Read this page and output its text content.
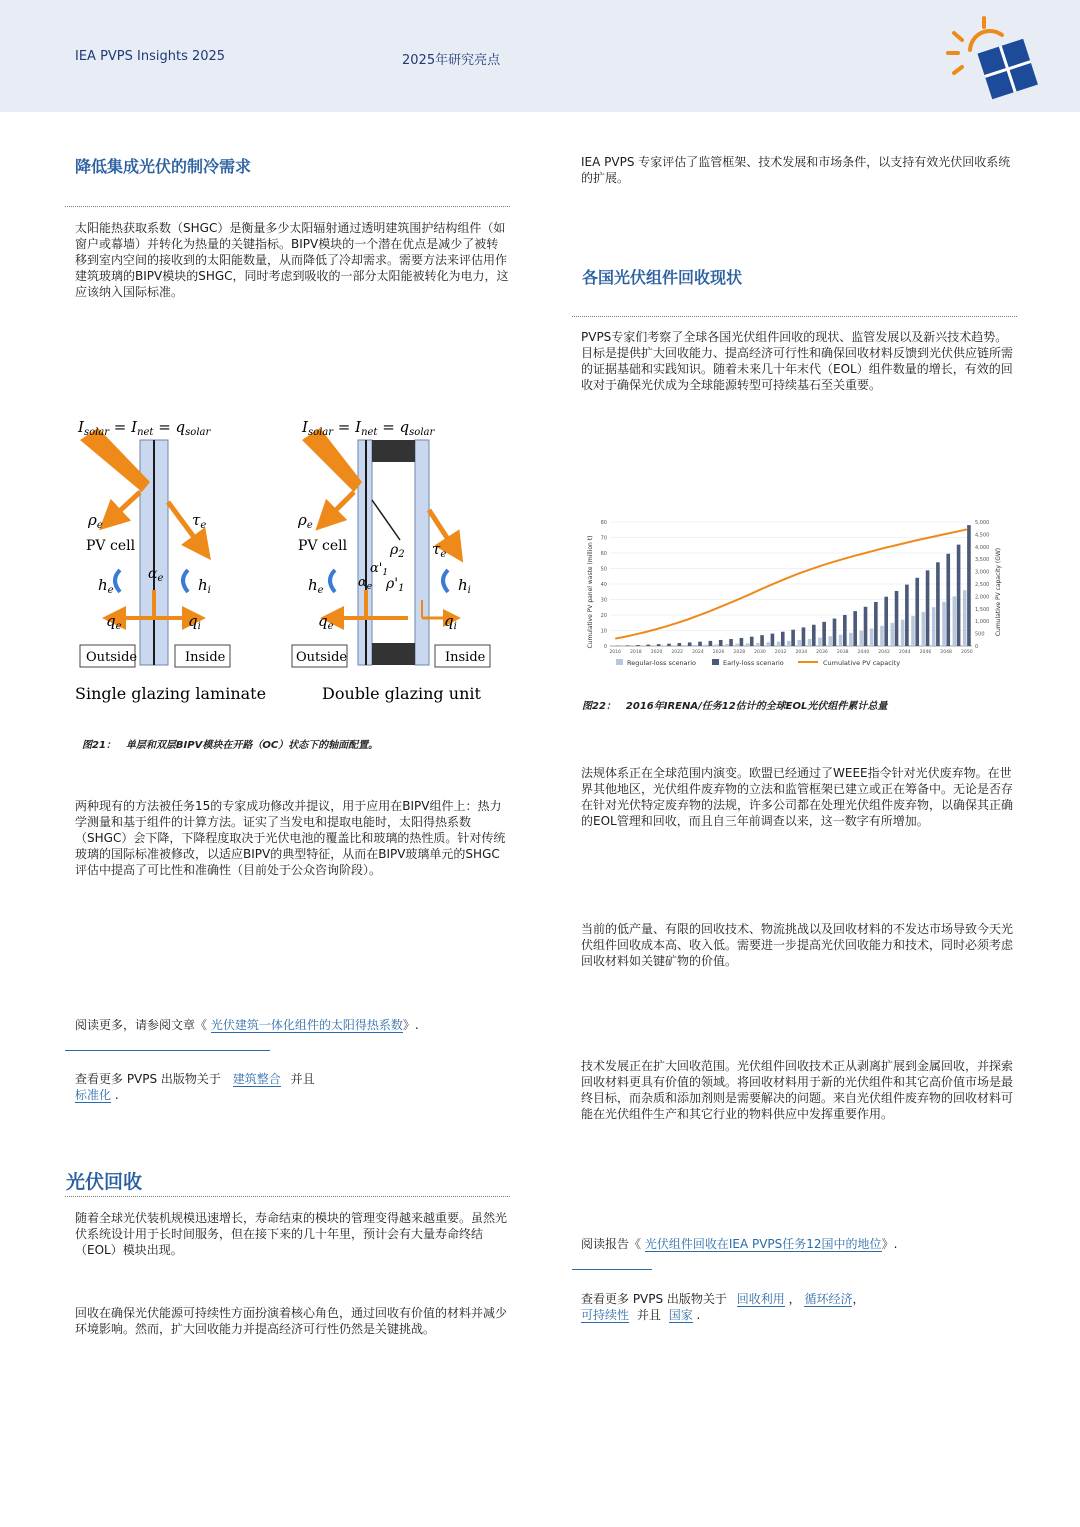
IEA PVPS Insights 2025	2025年研究亮点
降低集成光伏的制冷需求

太阳能热获取系数（SHGC）是衡量多少太阳辐射通过透明建筑围护结构组件（如窗户或幕墙）并转化为热量的关键指标。BIPV模块的一个潜在优点是减少了被转移到室内空间的接收到的太阳能数量，从而降低了冷却需求。需要方法来评估用作建筑玻璃的BIPV模块的SHGC，同时考虑到吸收的一部分太阳能被转化为电力，这应该纳入国际标准。

Outside	Inside
PV cell
$I_{solar} = I_{net} = q_{solar}$
$\rho_e$	$\tau_e$
$h_e$	$h_i$
$\alpha_e$
$q_e$	$q_i$
Single glazing laminate
Outside	Inside
PV cell
$I_{solar} = I_{net} = q_{solar}$
$\rho_e$
$\tau_e$
$\rho_2$
$\rho'_1$
$\alpha'_1$
$\alpha_e$
$h_e$	$h_i$
$q_e$	$q_i$
Double glazing unit
图21：　单层和双层BIPV模块在开路（OC）状态下的轴面配置。

两种现有的方法被任务15的专家成功修改并提议，用于应用在BIPV组件上：热力学测量和基于组件的计算方法。证实了当发电和提取电能时，太阳得热系数（SHGC）会下降，下降程度取决于光伏电池的覆盖比和玻璃的热性质。针对传统玻璃的国际标准被修改，以适应BIPV的典型特征，从而在BIPV玻璃单元的SHGC评估中提高了可比性和准确性（目前处于公众咨询阶段）。

阅读更多，请参阅文章《 光伏建筑一体化组件的太阳得热系数》.
查看更多 PVPS 出版物关于 建筑整合 并且
标准化 .
光伏回收

随着全球光伏装机规模迅速增长，寿命结束的模块的管理变得越来越重要。虽然光伏系统设计用于长时间服务，但在接下来的几十年里，预计会有大量寿命终结（EOL）模块出现。

回收在确保光伏能源可持续性方面扮演着核心角色，通过回收有价值的材料并减少环境影响。然而，扩大回收能力并提高经济可行性仍然是关键挑战。

IEA PVPS 专家评估了监管框架、技术发展和市场条件，以支持有效光伏回收系统的扩展。

各国光伏组件回收现状

PVPS专家们考察了全球各国光伏组件回收的现状、监管发展以及新兴技术趋势。目标是提供扩大回收能力、提高经济可行性和确保回收材料反馈到光伏供应链所需的证据基础和实践知识。随着未来几十年末代（EOL）组件数量的增长，有效的回收对于确保光伏成为全球能源转型可持续基石至关重要。

Cumulative PV panel waste (million t)	Cumulative PV capacity (GW)
80
70
60
50
40
30
20
10
0
5,000
4,500
4,000
3,500
3,000
2,500
2,000
1,500
1,000
500
0
2016 2018 2020 2022 2024 2026 2028 2030 2032 2034 2036 2038 2040 2042 2044 2046 2048 2050
Regular-loss scenario	Early-loss scenario	Cumulative PV capacity
图22：　2016年IRENA/任务12估计的全球EOL光伏组件累计总量

法规体系正在全球范围内演变。欧盟已经通过了WEEE指令针对光伏废弃物。在世界其他地区，光伏组件废弃物的立法和监管框架已建立或正在筹备中。无论是否存在针对光伏特定废弃物的法规，许多公司都在处理光伏组件废弃物，以确保其正确的EOL管理和回收，而且自三年前调查以来，这一数字有所增加。

当前的低产量、有限的回收技术、物流挑战以及回收材料的不发达市场导致今天光伏组件回收成本高、收入低。需要进一步提高光伏回收能力和技术，同时必须考虑回收材料如关键矿物的价值。

技术发展正在扩大回收范围。光伏组件回收技术正从剥离扩展到金属回收，并探索回收材料更具有价值的领域。将回收材料用于新的光伏组件和其它高价值市场是最终目标，而杂质和添加剂则是需要解决的问题。来自光伏组件废弃物的回收材料可能在光伏组件生产和其它行业的物料供应中发挥重要作用。

阅读报告《 光伏组件回收在IEA PVPS任务12国中的地位》.
查看更多 PVPS 出版物关于 回收利用 ， 循环经济，
可持续性 并且 国家 .
